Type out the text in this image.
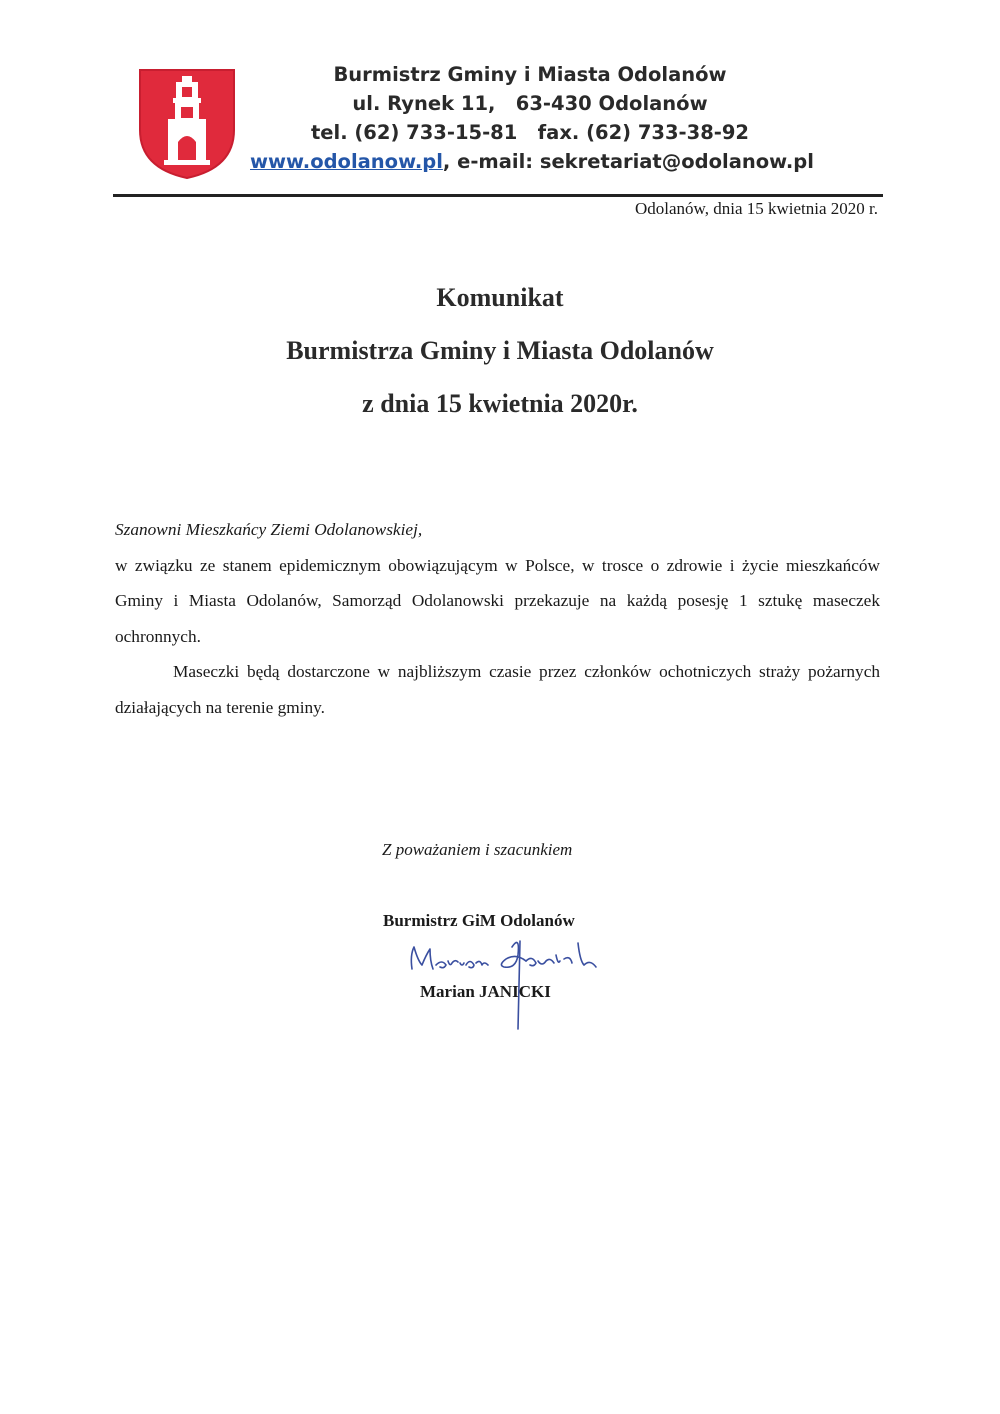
Burmistrz Gminy i Miasta Odolanów
ul. Rynek 11,   63-430 Odolanów
tel. (62) 733-15-81   fax. (62) 733-38-92
www.odolanow.pl, e-mail: sekretariat@odolanow.pl
Odolanów, dnia 15 kwietnia 2020 r.
Komunikat
Burmistrza Gminy i Miasta Odolanów
z dnia 15 kwietnia 2020r.

Szanowni Mieszkańcy Ziemi Odolanowskiej,

w związku ze stanem epidemicznym obowiązującym w Polsce, w trosce o zdrowie i życie mieszkańców Gminy i Miasta Odolanów, Samorząd Odolanowski przekazuje na każdą posesję 1 sztukę maseczek ochronnych.

Maseczki będą dostarczone w najbliższym czasie przez członków ochotniczych straży pożarnych działających na terenie gminy.

Z poważaniem i szacunkiem
Burmistrz GiM Odolanów
Marian JANICKI
